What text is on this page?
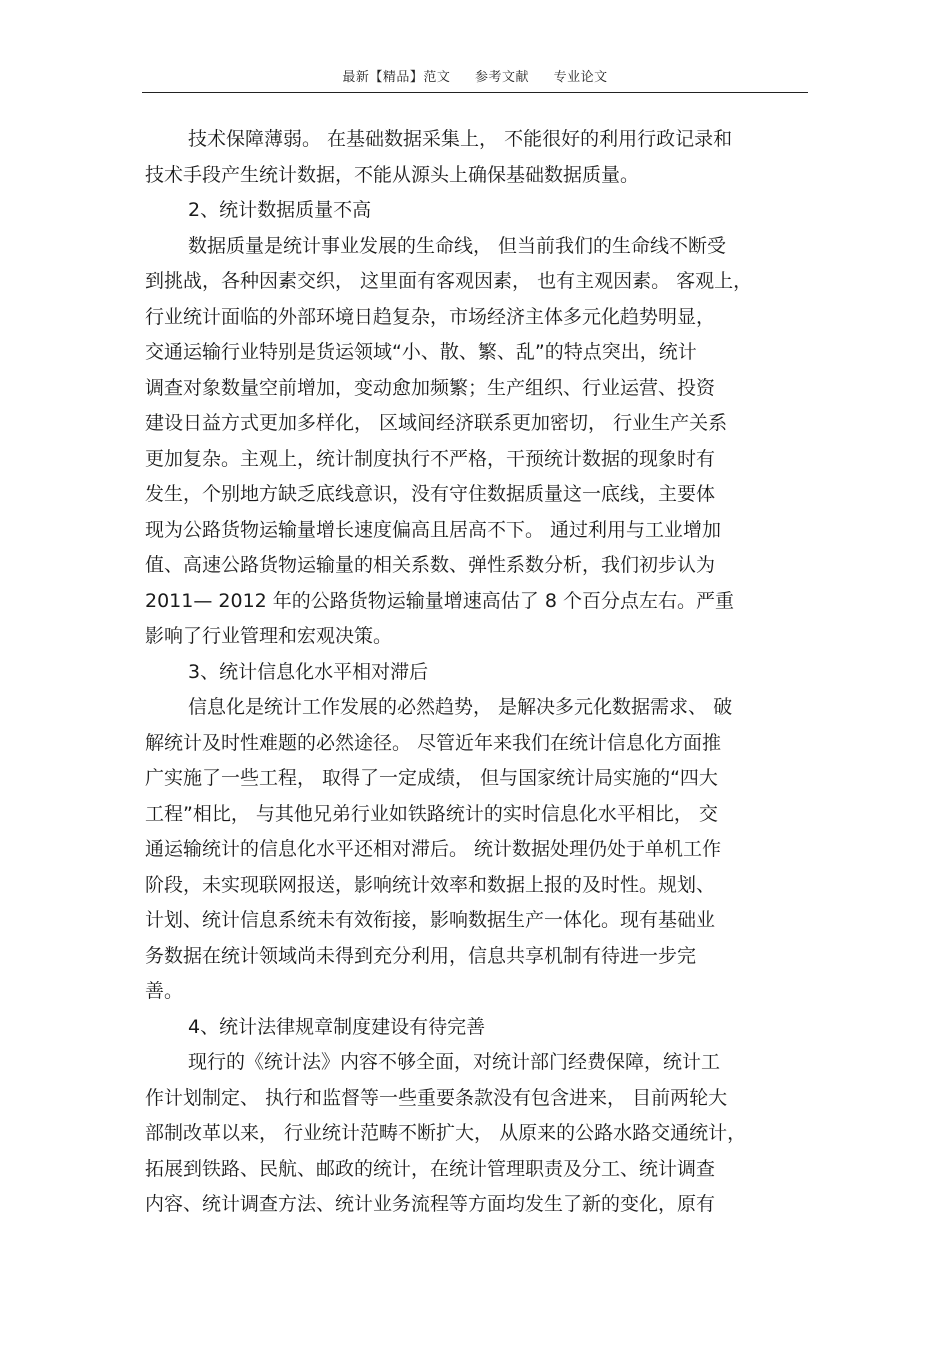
最新【精品】范文 参考文献 专业论文
技术保障薄弱。 在基础数据采集上， 不能很好的利用行政记录和
技术手段产生统计数据，不能从源头上确保基础数据质量。
2、统计数据质量不高
数据质量是统计事业发展的生命线， 但当前我们的生命线不断受
到挑战，各种因素交织， 这里面有客观因素， 也有主观因素。 客观上，
行业统计面临的外部环境日趋复杂，市场经济主体多元化趋势明显，
交通运输行业特别是货运领域“小、散、繁、乱”的特点突出，统计
调查对象数量空前增加，变动愈加频繁；生产组织、行业运营、投资
建设日益方式更加多样化， 区域间经济联系更加密切， 行业生产关系
更加复杂。主观上，统计制度执行不严格，干预统计数据的现象时有
发生，个别地方缺乏底线意识，没有守住数据质量这一底线，主要体
现为公路货物运输量增长速度偏高且居高不下。 通过利用与工业增加
值、高速公路货物运输量的相关系数、弹性系数分析，我们初步认为
2011— 2012 年的公路货物运输量增速高估了 8 个百分点左右。严重
影响了行业管理和宏观决策。
3、统计信息化水平相对滞后
信息化是统计工作发展的必然趋势， 是解决多元化数据需求、 破
解统计及时性难题的必然途径。 尽管近年来我们在统计信息化方面推
广实施了一些工程， 取得了一定成绩， 但与国家统计局实施的“四大
工程”相比， 与其他兄弟行业如铁路统计的实时信息化水平相比， 交
通运输统计的信息化水平还相对滞后。 统计数据处理仍处于单机工作
阶段，未实现联网报送，影响统计效率和数据上报的及时性。规划、
计划、统计信息系统未有效衔接，影响数据生产一体化。现有基础业
务数据在统计领域尚未得到充分利用，信息共享机制有待进一步完
善。
4、统计法律规章制度建设有待完善
现行的《统计法》内容不够全面，对统计部门经费保障，统计工
作计划制定、 执行和监督等一些重要条款没有包含进来， 目前两轮大
部制改革以来， 行业统计范畴不断扩大， 从原来的公路水路交通统计，
拓展到铁路、民航、邮政的统计，在统计管理职责及分工、统计调查
内容、统计调查方法、统计业务流程等方面均发生了新的变化，原有
